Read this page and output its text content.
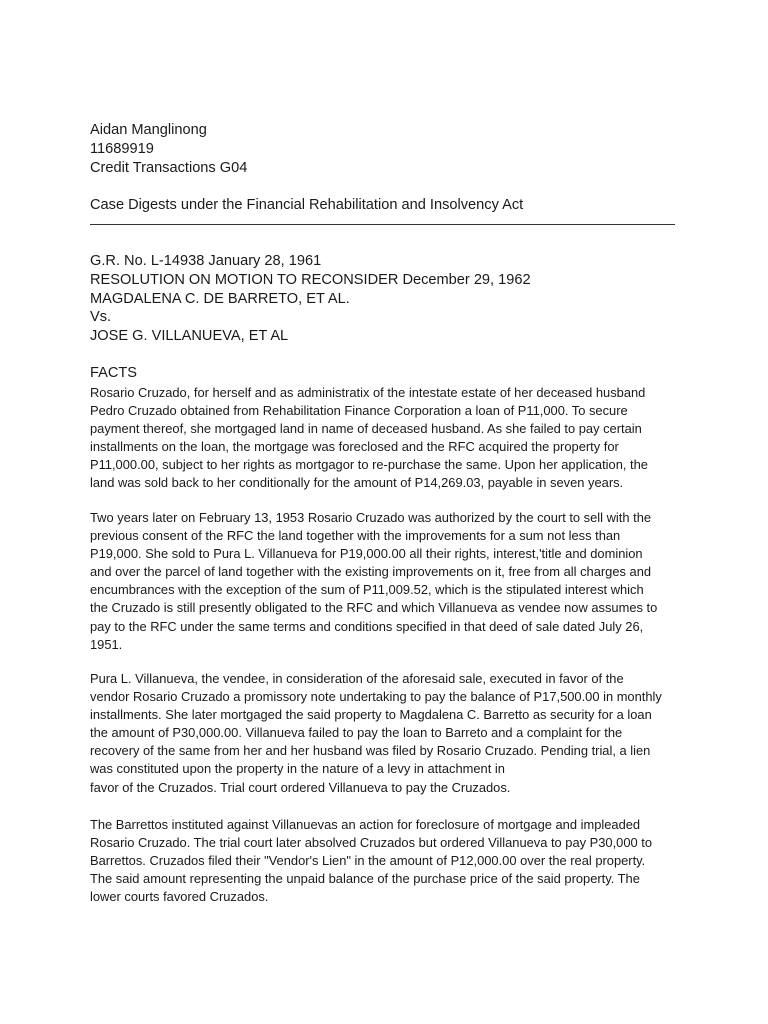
Aidan Manglinong
11689919
Credit Transactions G04
Case Digests under the Financial Rehabilitation and Insolvency Act
G.R. No. L-14938 January 28, 1961
RESOLUTION ON MOTION TO RECONSIDER December 29, 1962
MAGDALENA C. DE BARRETO, ET AL.
Vs.
JOSE G. VILLANUEVA, ET AL
FACTS
Rosario Cruzado, for herself and as administratix of the intestate estate of her deceased husband
Pedro Cruzado obtained from Rehabilitation Finance Corporation a loan of P11,000. To secure
payment thereof, she mortgaged land in name of deceased husband. As she failed to pay certain
installments on the loan, the mortgage was foreclosed and the RFC acquired the property for
P11,000.00, subject to her rights as mortgagor to re-purchase the same. Upon her application, the
land was sold back to her conditionally for the amount of P14,269.03, payable in seven years.
Two years later on February 13, 1953 Rosario Cruzado was authorized by the court to sell with the
previous consent of the RFC the land together with the improvements for a sum not less than
P19,000. She sold to Pura L. Villanueva for P19,000.00 all their rights, interest,'title and dominion
and over the parcel of land together with the existing improvements on it, free from all charges and
encumbrances with the exception of the sum of P11,009.52, which is the stipulated interest which
the Cruzado is still presently obligated to the RFC and which Villanueva as vendee now assumes to
pay to the RFC under the same terms and conditions specified in that deed of sale dated July 26,
1951.
Pura L. Villanueva, the vendee, in consideration of the aforesaid sale, executed in favor of the
vendor Rosario Cruzado a promissory note undertaking to pay the balance of P17,500.00 in monthly
installments. She later mortgaged the said property to Magdalena C. Barretto as security for a loan
the amount of P30,000.00. Villanueva failed to pay the loan to Barreto and a complaint for the
recovery of the same from her and her husband was filed by Rosario Cruzado. Pending trial, a lien
was constituted upon the property in the nature of a levy in attachment in
favor of the Cruzados. Trial court ordered Villanueva to pay the Cruzados.
The Barrettos instituted against Villanuevas an action for foreclosure of mortgage and impleaded
Rosario Cruzado. The trial court later absolved Cruzados but ordered Villanueva to pay P30,000 to
Barrettos. Cruzados filed their "Vendor's Lien" in the amount of P12,000.00 over the real property.
The said amount representing the unpaid balance of the purchase price of the said property. The
lower courts favored Cruzados.
